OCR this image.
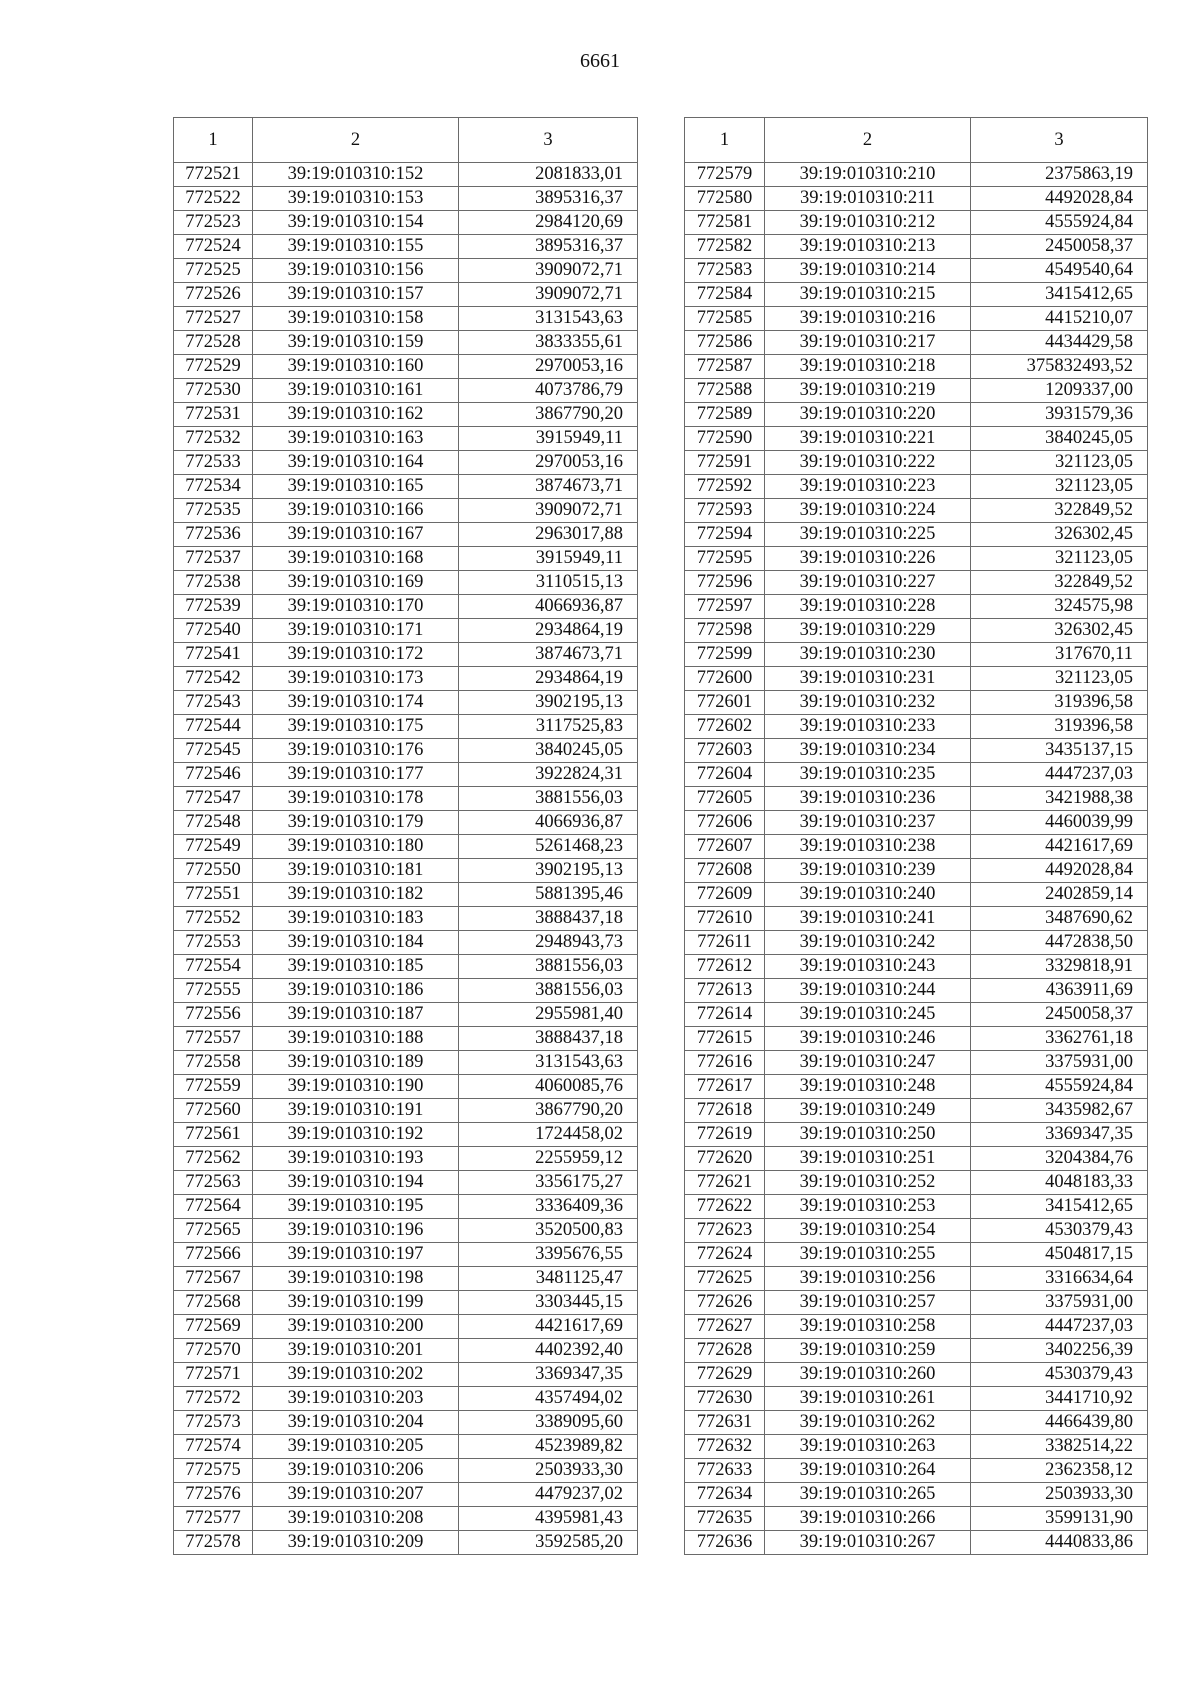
6661
1	2	3
772521	39:19:010310:152	2081833,01
772522	39:19:010310:153	3895316,37
772523	39:19:010310:154	2984120,69
772524	39:19:010310:155	3895316,37
772525	39:19:010310:156	3909072,71
772526	39:19:010310:157	3909072,71
772527	39:19:010310:158	3131543,63
772528	39:19:010310:159	3833355,61
772529	39:19:010310:160	2970053,16
772530	39:19:010310:161	4073786,79
772531	39:19:010310:162	3867790,20
772532	39:19:010310:163	3915949,11
772533	39:19:010310:164	2970053,16
772534	39:19:010310:165	3874673,71
772535	39:19:010310:166	3909072,71
772536	39:19:010310:167	2963017,88
772537	39:19:010310:168	3915949,11
772538	39:19:010310:169	3110515,13
772539	39:19:010310:170	4066936,87
772540	39:19:010310:171	2934864,19
772541	39:19:010310:172	3874673,71
772542	39:19:010310:173	2934864,19
772543	39:19:010310:174	3902195,13
772544	39:19:010310:175	3117525,83
772545	39:19:010310:176	3840245,05
772546	39:19:010310:177	3922824,31
772547	39:19:010310:178	3881556,03
772548	39:19:010310:179	4066936,87
772549	39:19:010310:180	5261468,23
772550	39:19:010310:181	3902195,13
772551	39:19:010310:182	5881395,46
772552	39:19:010310:183	3888437,18
772553	39:19:010310:184	2948943,73
772554	39:19:010310:185	3881556,03
772555	39:19:010310:186	3881556,03
772556	39:19:010310:187	2955981,40
772557	39:19:010310:188	3888437,18
772558	39:19:010310:189	3131543,63
772559	39:19:010310:190	4060085,76
772560	39:19:010310:191	3867790,20
772561	39:19:010310:192	1724458,02
772562	39:19:010310:193	2255959,12
772563	39:19:010310:194	3356175,27
772564	39:19:010310:195	3336409,36
772565	39:19:010310:196	3520500,83
772566	39:19:010310:197	3395676,55
772567	39:19:010310:198	3481125,47
772568	39:19:010310:199	3303445,15
772569	39:19:010310:200	4421617,69
772570	39:19:010310:201	4402392,40
772571	39:19:010310:202	3369347,35
772572	39:19:010310:203	4357494,02
772573	39:19:010310:204	3389095,60
772574	39:19:010310:205	4523989,82
772575	39:19:010310:206	2503933,30
772576	39:19:010310:207	4479237,02
772577	39:19:010310:208	4395981,43
772578	39:19:010310:209	3592585,20
1	2	3
772579	39:19:010310:210	2375863,19
772580	39:19:010310:211	4492028,84
772581	39:19:010310:212	4555924,84
772582	39:19:010310:213	2450058,37
772583	39:19:010310:214	4549540,64
772584	39:19:010310:215	3415412,65
772585	39:19:010310:216	4415210,07
772586	39:19:010310:217	4434429,58
772587	39:19:010310:218	375832493,52
772588	39:19:010310:219	1209337,00
772589	39:19:010310:220	3931579,36
772590	39:19:010310:221	3840245,05
772591	39:19:010310:222	321123,05
772592	39:19:010310:223	321123,05
772593	39:19:010310:224	322849,52
772594	39:19:010310:225	326302,45
772595	39:19:010310:226	321123,05
772596	39:19:010310:227	322849,52
772597	39:19:010310:228	324575,98
772598	39:19:010310:229	326302,45
772599	39:19:010310:230	317670,11
772600	39:19:010310:231	321123,05
772601	39:19:010310:232	319396,58
772602	39:19:010310:233	319396,58
772603	39:19:010310:234	3435137,15
772604	39:19:010310:235	4447237,03
772605	39:19:010310:236	3421988,38
772606	39:19:010310:237	4460039,99
772607	39:19:010310:238	4421617,69
772608	39:19:010310:239	4492028,84
772609	39:19:010310:240	2402859,14
772610	39:19:010310:241	3487690,62
772611	39:19:010310:242	4472838,50
772612	39:19:010310:243	3329818,91
772613	39:19:010310:244	4363911,69
772614	39:19:010310:245	2450058,37
772615	39:19:010310:246	3362761,18
772616	39:19:010310:247	3375931,00
772617	39:19:010310:248	4555924,84
772618	39:19:010310:249	3435982,67
772619	39:19:010310:250	3369347,35
772620	39:19:010310:251	3204384,76
772621	39:19:010310:252	4048183,33
772622	39:19:010310:253	3415412,65
772623	39:19:010310:254	4530379,43
772624	39:19:010310:255	4504817,15
772625	39:19:010310:256	3316634,64
772626	39:19:010310:257	3375931,00
772627	39:19:010310:258	4447237,03
772628	39:19:010310:259	3402256,39
772629	39:19:010310:260	4530379,43
772630	39:19:010310:261	3441710,92
772631	39:19:010310:262	4466439,80
772632	39:19:010310:263	3382514,22
772633	39:19:010310:264	2362358,12
772634	39:19:010310:265	2503933,30
772635	39:19:010310:266	3599131,90
772636	39:19:010310:267	4440833,86
